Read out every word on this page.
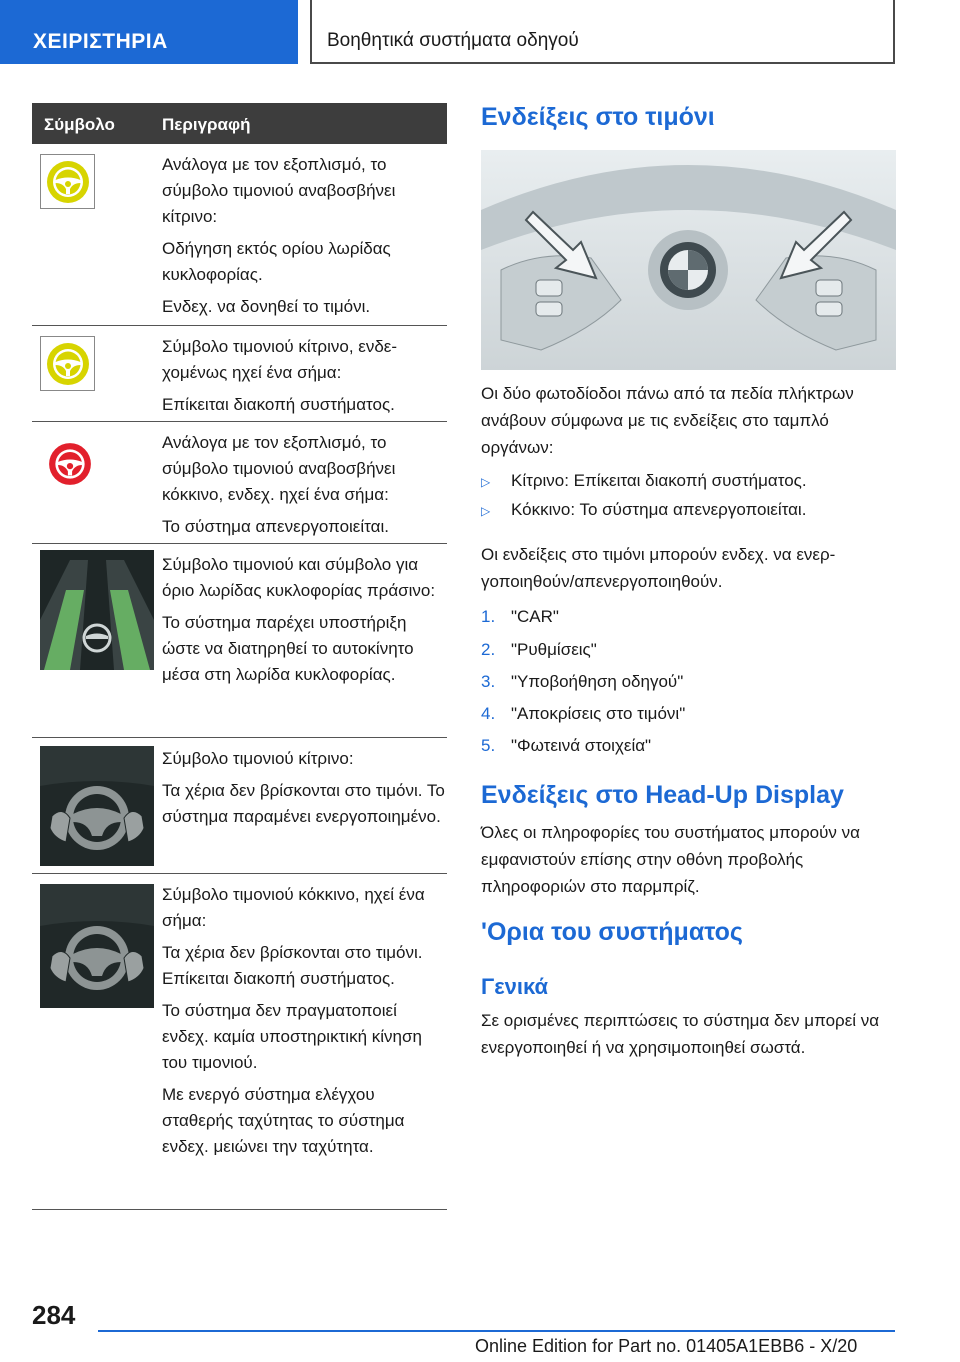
ΧΕΙΡΙΣΤΗΡΙΑ	Βοηθητικά συστήματα οδηγού
Σύμβολο	Περιγραφή

Ανάλογα με τον εξοπλισμό, το σύμβολο τιμονιού αναβοσβήνει κίτρινο:

Οδήγηση εκτός ορίου λωρίδας κυκλοφορίας.

Ενδεχ. να δονηθεί το τιμόνι.

Σύμβολο τιμονιού κίτρινο, ενδεχομένως ηχεί ένα σήμα:

Επίκειται διακοπή συστήματος.

Ανάλογα με τον εξοπλισμό, το σύμβολο τιμονιού αναβοσβήνει κόκκινο, ενδεχ. ηχεί ένα σήμα:

Το σύστημα απενεργοποιείται.

Σύμβολο τιμονιού και σύμβολο για όριο λωρίδας κυκλοφορίας πράσινο:

Το σύστημα παρέχει υποστήριξη ώστε να διατηρηθεί το αυτοκίνητο μέσα στη λωρίδα κυκλοφορίας.

Σύμβολο τιμονιού κίτρινο:

Τα χέρια δεν βρίσκονται στο τιμόνι. Το σύστημα παραμένει ενεργοποιημένο.

Σύμβολο τιμονιού κόκκινο, ηχεί ένα σήμα:

Τα χέρια δεν βρίσκονται στο τιμόνι. Επίκειται διακοπή συστήματος.

Το σύστημα δεν πραγματοποιεί ενδεχ. καμία υποστηρικτική κίνηση του τιμονιού.

Με ενεργό σύστημα ελέγχου σταθερής ταχύτητας το σύστημα ενδεχ. μειώνει την ταχύτητα.

Ενδείξεις στο τιμόνι
Οι δύο φωτοδίοδοι πάνω από τα πεδία πλήκτρων ανάβουν σύμφωνα με τις ενδείξεις στο ταμπλό οργάνων:
▷ Κίτρινο: Επίκειται διακοπή συστήματος.
▷ Κόκκινο: Το σύστημα απενεργοποιείται.
Οι ενδείξεις στο τιμόνι μπορούν ενδεχ. να ενεργοποιηθούν/απενεργοποιηθούν.
1. "CAR"
2. "Ρυθμίσεις"
3. "Υποβοήθηση οδηγού"
4. "Αποκρίσεις στο τιμόνι"
5. "Φωτεινά στοιχεία"
Ενδείξεις στο Head-Up Display
Όλες οι πληροφορίες του συστήματος μπορούν να εμφανιστούν επίσης στην οθόνη προβολής πληροφοριών στο παρμπρίζ.
'Ορια του συστήματος
Γενικά
Σε ορισμένες περιπτώσεις το σύστημα δεν μπορεί να ενεργοποιηθεί ή να χρησιμοποιηθεί σωστά.
284
Online Edition for Part no. 01405A1EBB6 - X/20
